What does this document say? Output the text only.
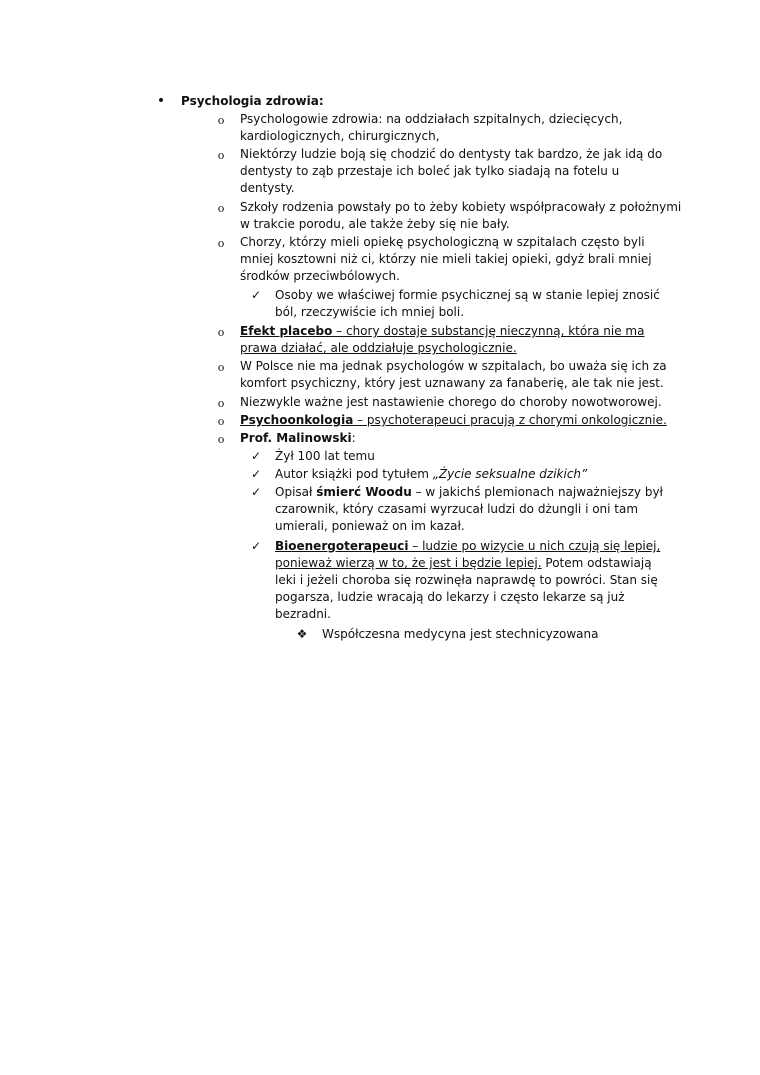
• Psychologia zdrowia:
o Psychologowie zdrowia: na oddziałach szpitalnych, dziecięcych,
kardiologicznych, chirurgicznych,
o Niektórzy ludzie boją się chodzić do dentysty tak bardzo, że jak idą do
dentysty to ząb przestaje ich boleć jak tylko siadają na fotelu u
dentysty.
o Szkoły rodzenia powstały po to żeby kobiety współpracowały z położnymi
w trakcie porodu, ale także żeby się nie bały.
o Chorzy, którzy mieli opiekę psychologiczną w szpitalach często byli
mniej kosztowni niż ci, którzy nie mieli takiej opieki, gdyż brali mniej
środków przeciwbólowych.
✓ Osoby we właściwej formie psychicznej są w stanie lepiej znosić
ból, rzeczywiście ich mniej boli.
o Efekt placebo – chory dostaje substancję nieczynną, która nie ma
prawa działać, ale oddziałuje psychologicznie.
o W Polsce nie ma jednak psychologów w szpitalach, bo uważa się ich za
komfort psychiczny, który jest uznawany za fanaberię, ale tak nie jest.
o Niezwykle ważne jest nastawienie chorego do choroby nowotworowej.
o Psychoonkologia – psychoterapeuci pracują z chorymi onkologicznie.
o Prof. Malinowski:
✓ Żył 100 lat temu
✓ Autor książki pod tytułem „Życie seksualne dzikich”
✓ Opisał śmierć Woodu – w jakichś plemionach najważniejszy był
czarownik, który czasami wyrzucał ludzi do dżungli i oni tam
umierali, ponieważ on im kazał.
✓ Bioenergoterapeuci – ludzie po wizycie u nich czują się lepiej,
ponieważ wierzą w to, że jest i będzie lepiej. Potem odstawiają
leki i jeżeli choroba się rozwinęła naprawdę to powróci. Stan się
pogarsza, ludzie wracają do lekarzy i często lekarze są już
bezradni.
❖ Współczesna medycyna jest stechnicyzowana
